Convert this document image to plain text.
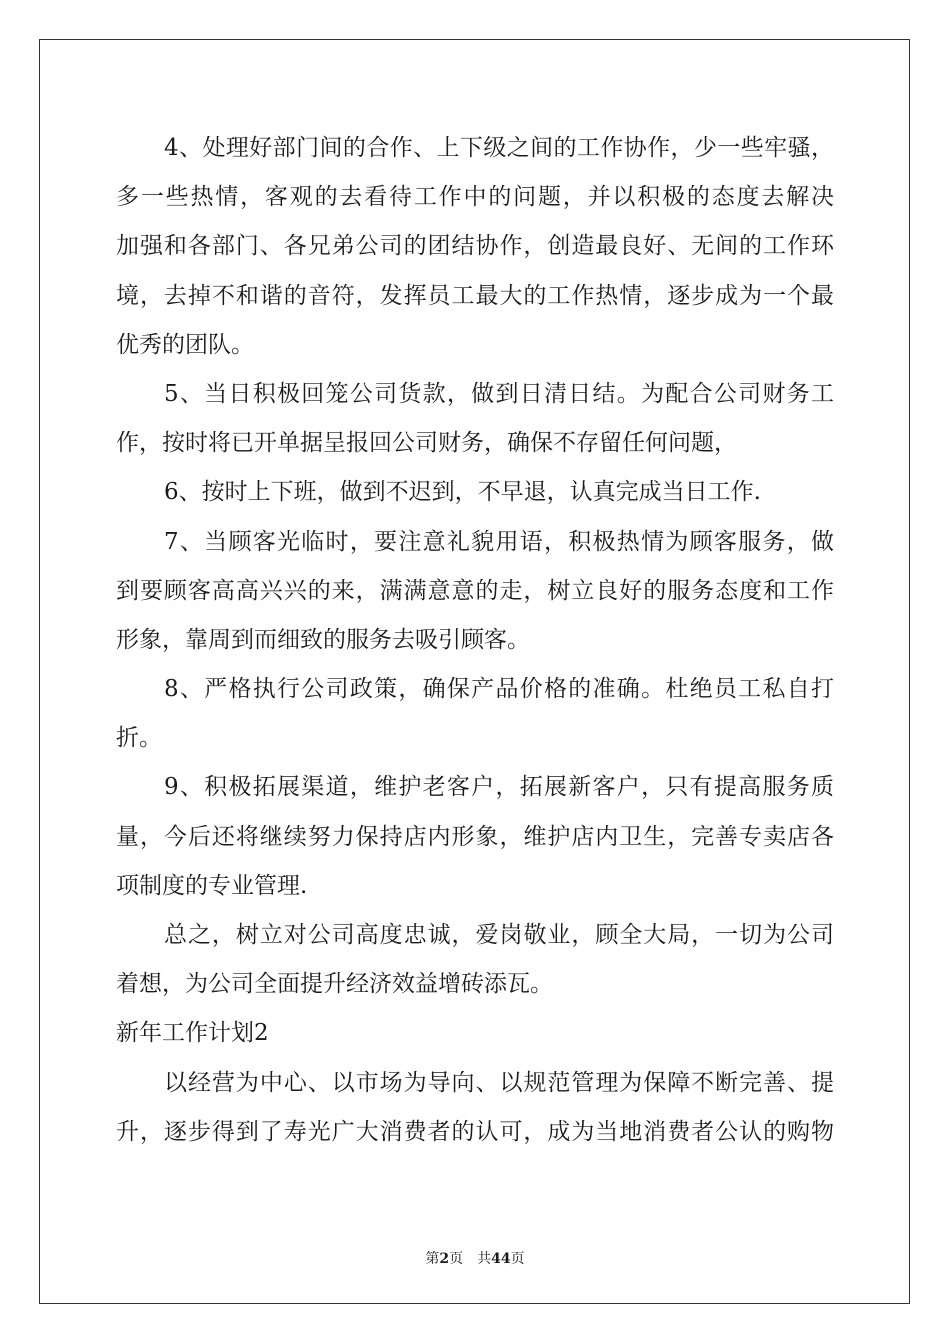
4、处理好部门间的合作、上下级之间的工作协作，少一些牢骚，
多一些热情，客观的去看待工作中的问题，并以积极的态度去解决
加强和各部门、各兄弟公司的团结协作，创造最良好、无间的工作环
境，去掉不和谐的音符，发挥员工最大的工作热情，逐步成为一个最
优秀的团队。
5、当日积极回笼公司货款，做到日清日结。为配合公司财务工
作，按时将已开单据呈报回公司财务，确保不存留任何问题，
6、按时上下班，做到不迟到，不早退，认真完成当日工作.
7、当顾客光临时，要注意礼貌用语，积极热情为顾客服务，做
到要顾客高高兴兴的来，满满意意的走，树立良好的服务态度和工作
形象，靠周到而细致的服务去吸引顾客。
8、严格执行公司政策，确保产品价格的准确。杜绝员工私自打
折。
9、积极拓展渠道，维护老客户，拓展新客户，只有提高服务质
量，今后还将继续努力保持店内形象，维护店内卫生，完善专卖店各
项制度的专业管理.
总之，树立对公司高度忠诚，爱岗敬业，顾全大局，一切为公司
着想，为公司全面提升经济效益增砖添瓦。
新年工作计划2
以经营为中心、以市场为导向、以规范管理为保障不断完善、提
升，逐步得到了寿光广大消费者的认可，成为当地消费者公认的购物
第2页 共44页
